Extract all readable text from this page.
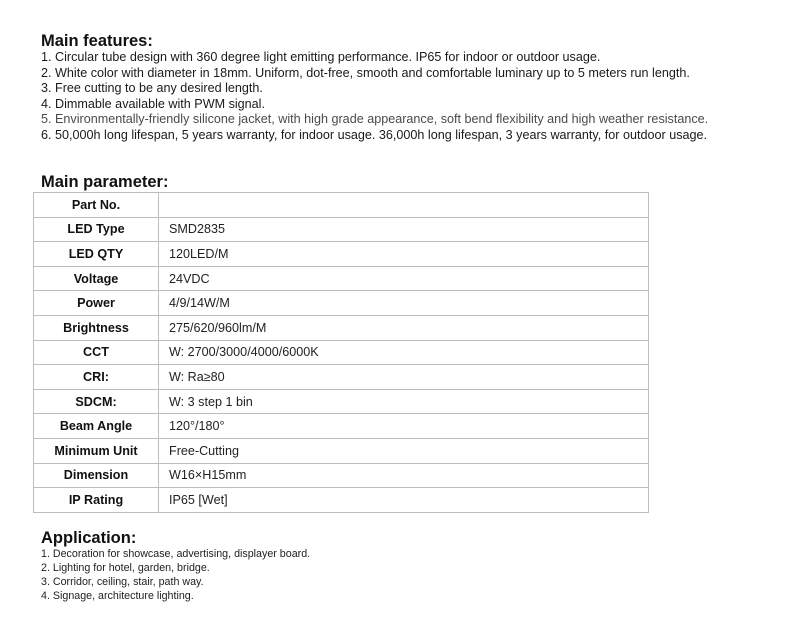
Main features:
1. Circular tube design with 360 degree light emitting performance. IP65 for indoor or outdoor usage.
2. White color with diameter in 18mm. Uniform, dot-free, smooth and comfortable luminary up to 5 meters run length.
3. Free cutting to be any desired length.
4. Dimmable available with PWM signal.
5. Environmentally-friendly silicone jacket, with high grade appearance, soft bend flexibility and high weather resistance.
6. 50,000h long lifespan, 5 years warranty, for indoor usage. 36,000h long lifespan, 3 years warranty, for outdoor usage.
Main parameter:
Part No.	
LED Type	SMD2835
LED QTY	120LED/M
Voltage	24VDC
Power	4/9/14W/M
Brightness	275/620/960lm/M
CCT	W: 2700/3000/4000/6000K
CRI:	W: Ra≥80
SDCM:	W: 3 step 1 bin
Beam Angle	120°/180°
Minimum Unit	Free-Cutting
Dimension	W16×H15mm
IP Rating	IP65 [Wet]
Application:
1. Decoration for showcase, advertising, displayer board.
2. Lighting for hotel, garden, bridge.
3. Corridor, ceiling, stair, path way.
4. Signage, architecture lighting.
